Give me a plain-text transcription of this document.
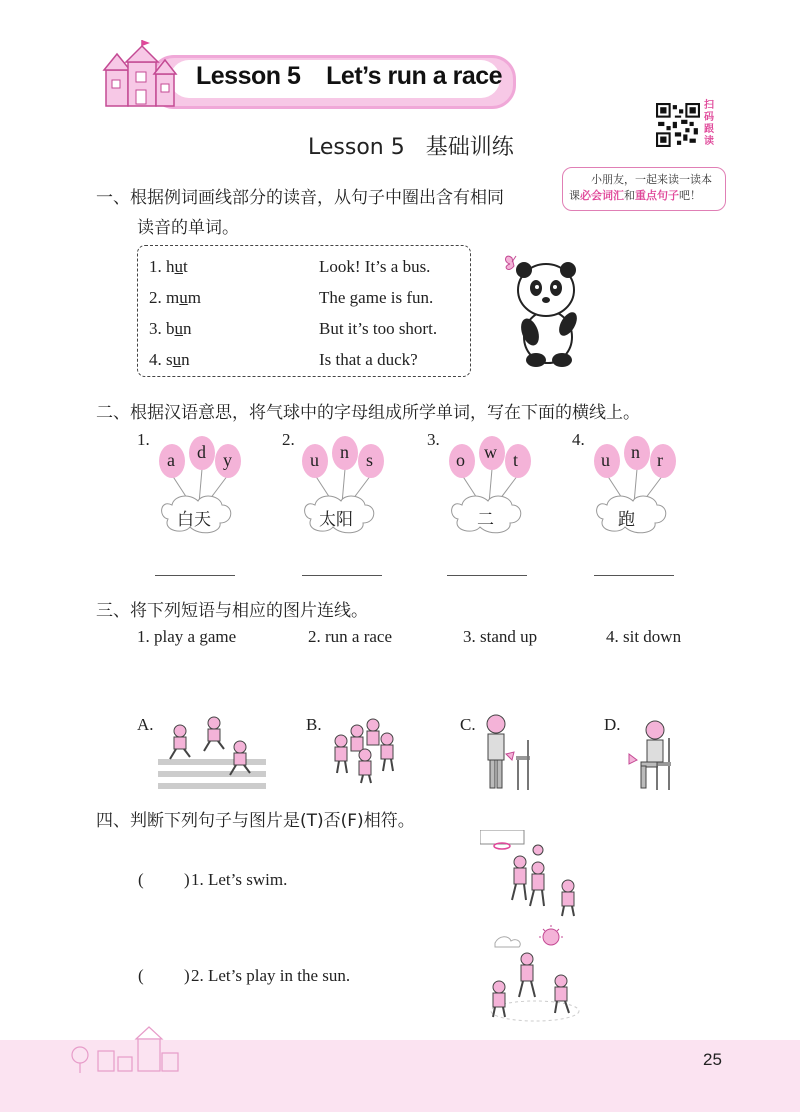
Lesson 5    Let’s run a race
Lesson 5   基础训练
扫码跟读
小朋友，一起来读一读本
课必会词汇和重点句子吧！
一、根据例词画线部分的读音，从句子中圈出含有相同
读音的单词。
1. hut	Look! It’s a bus.
2. mum	The game is fun.
3. bun	But it’s too short.
4. sun	Is that a duck?
二、根据汉语意思，将气球中的字母组成所学单词，写在下面的横线上。
1.
a d y
白天
2.
u n s
太阳
3.
o w t
二
4.
u n r
跑
三、将下列短语与相应的图片连线。
1. play a game	2. run a race	3. stand up	4. sit down
A.	B.	C.	D.
四、判断下列句子与图片是(T)否(F)相符。
( ) 1. Let’s swim.
( ) 2. Let’s play in the sun.
25
